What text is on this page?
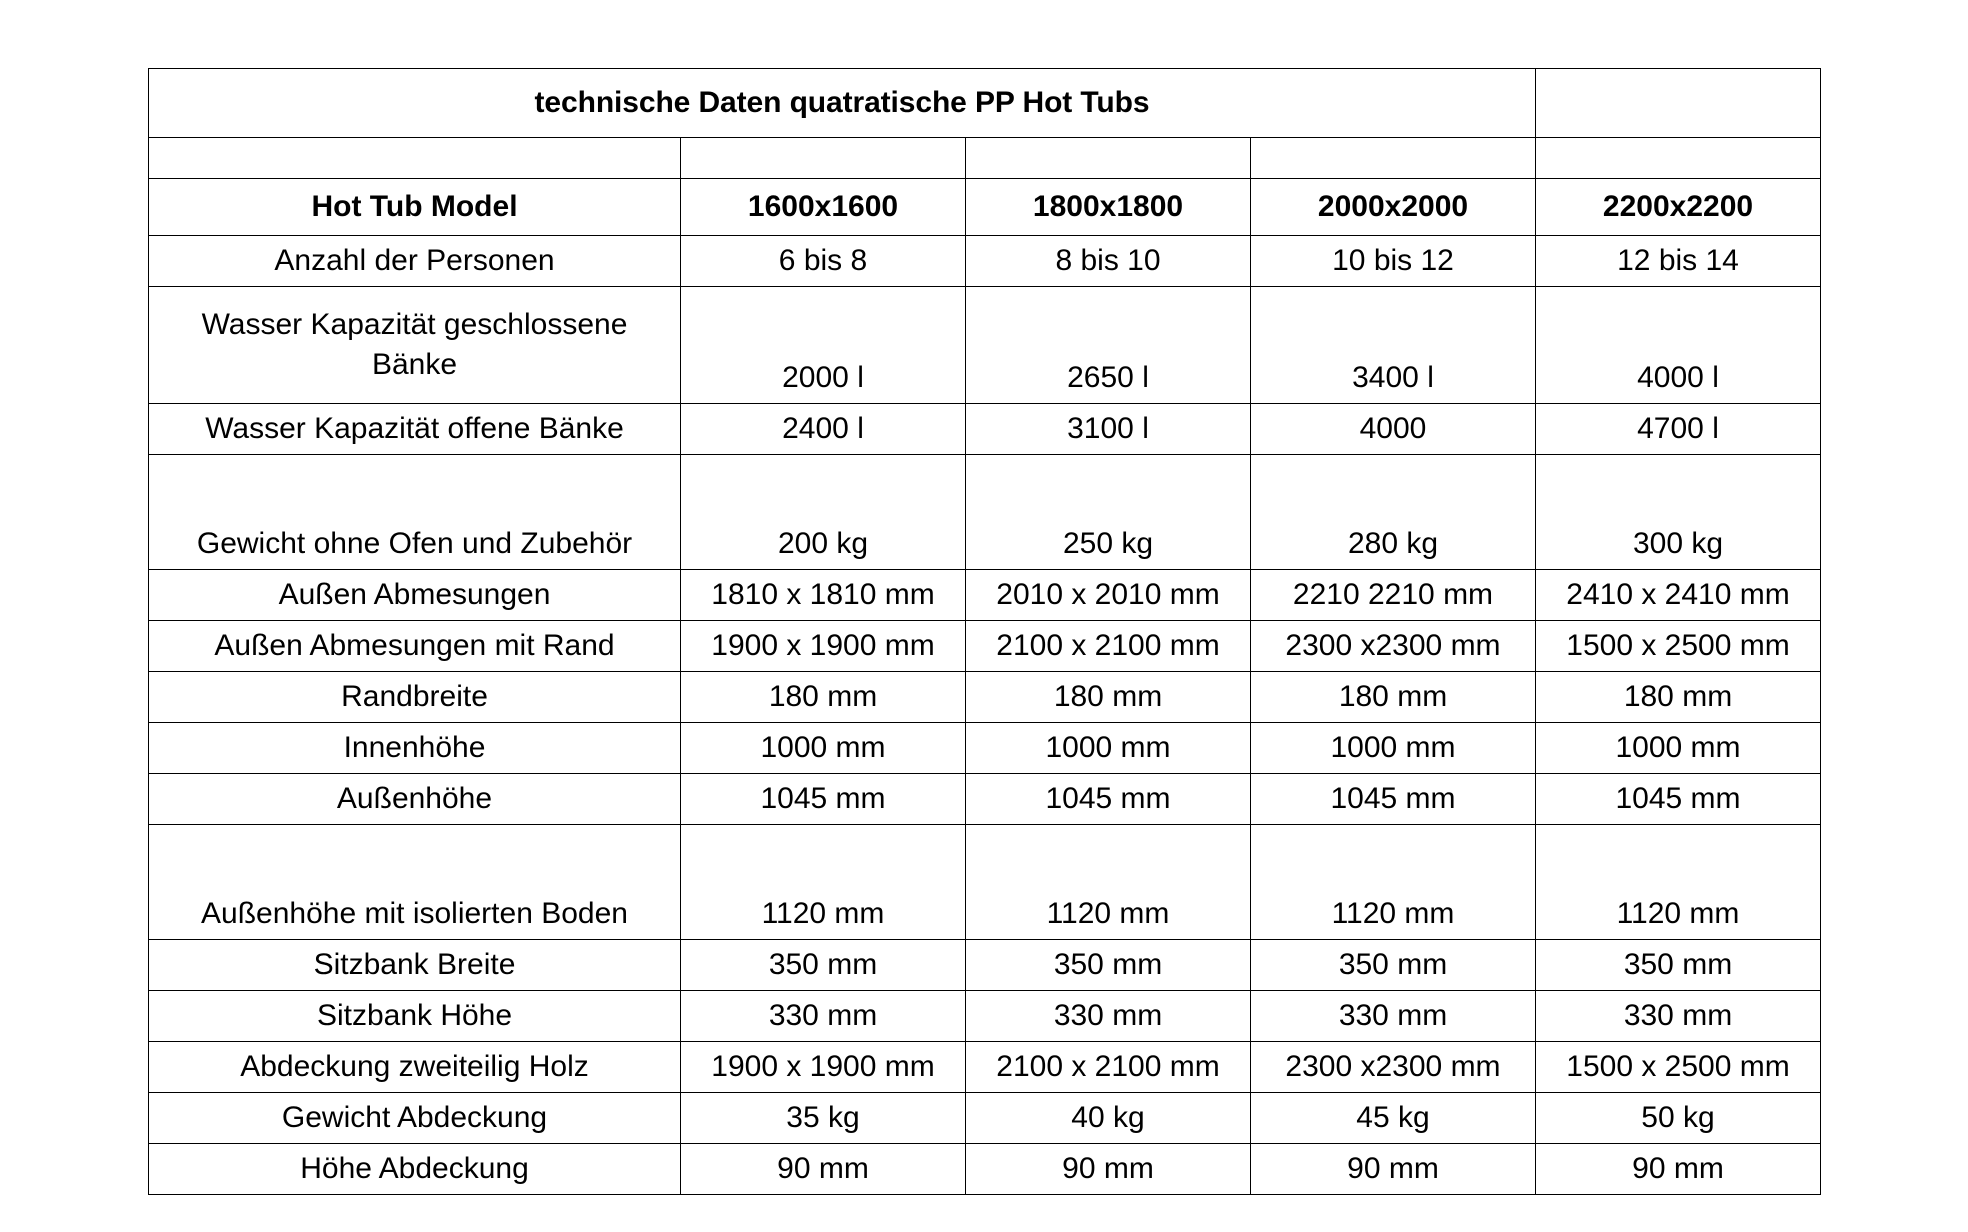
technische Daten quatratische PP Hot Tubs				

Hot Tub Model	1600x1600	1800x1800	2000x2000	2200x2200
Anzahl der Personen	6 bis 8	8 bis 10	10 bis 12	12 bis 14
Wasser Kapazität geschlossene Bänke	2000 l	2650 l	3400 l	4000 l
Wasser Kapazität offene Bänke	2400 l	3100 l	4000	4700 l
Gewicht ohne Ofen und Zubehör	200 kg	250 kg	280 kg	300 kg
Außen Abmesungen	1810 x 1810 mm	2010 x 2010 mm	2210 2210 mm	2410 x 2410 mm
Außen Abmesungen mit Rand	1900 x 1900 mm	2100 x 2100 mm	2300 x2300 mm	1500 x 2500 mm
Randbreite	180 mm	180 mm	180 mm	180 mm
Innenhöhe	1000 mm	1000 mm	1000 mm	1000 mm
Außenhöhe	1045 mm	1045 mm	1045 mm	1045 mm
Außenhöhe mit isolierten Boden	1120 mm	1120 mm	1120 mm	1120 mm
Sitzbank Breite	350 mm	350 mm	350 mm	350 mm
Sitzbank Höhe	330 mm	330 mm	330 mm	330 mm
Abdeckung zweiteilig Holz	1900 x 1900 mm	2100 x 2100 mm	2300 x2300 mm	1500 x 2500 mm
Gewicht Abdeckung	35 kg	40 kg	45 kg	50 kg
Höhe Abdeckung	90 mm	90 mm	90 mm	90 mm
